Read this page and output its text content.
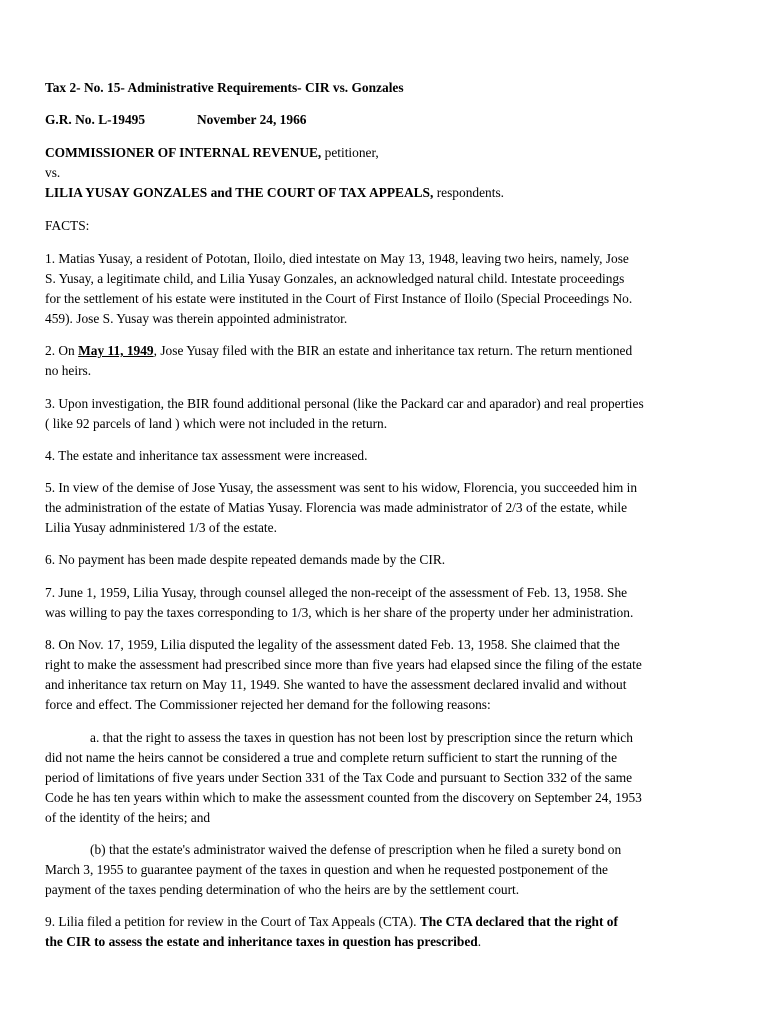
Tax 2- No. 15- Administrative Requirements- CIR vs. Gonzales
G.R. No. L-19495	November 24, 1966
COMMISSIONER OF INTERNAL REVENUE, petitioner,
vs.
LILIA YUSAY GONZALES and THE COURT OF TAX APPEALS, respondents.
FACTS:
1. Matias Yusay, a resident of Pototan, Iloilo, died intestate on May 13, 1948, leaving two heirs, namely, Jose
S. Yusay, a legitimate child, and Lilia Yusay Gonzales, an acknowledged natural child. Intestate proceedings
for the settlement of his estate were instituted in the Court of First Instance of Iloilo (Special Proceedings No.
459). Jose S. Yusay was therein appointed administrator.
2. On May 11, 1949, Jose Yusay filed with the BIR an estate and inheritance tax return. The return mentioned
no heirs.
3. Upon investigation, the BIR found additional personal (like the Packard car and aparador) and real properties
( like 92 parcels of land ) which were not included in the return.
4. The estate and inheritance tax assessment were increased.
5. In view of the demise of Jose Yusay, the assessment was sent to his widow, Florencia, you succeeded him in
the administration of the estate of Matias Yusay. Florencia was made administrator of 2/3 of the estate, while
Lilia Yusay adnministered 1/3 of the estate.
6. No payment has been made despite repeated demands made by the CIR.
7. June 1, 1959, Lilia Yusay, through counsel alleged the non-receipt of the assessment of Feb. 13, 1958. She
was willing to pay the taxes corresponding to 1/3, which is her share of the property under her administration.
8. On Nov. 17, 1959, Lilia disputed the legality of the assessment dated Feb. 13, 1958. She claimed that the
right to make the assessment had prescribed since more than five years had elapsed since the filing of the estate
and inheritance tax return on May 11, 1949. She wanted to have the assessment declared invalid and without
force and effect. The Commissioner rejected her demand for the following reasons:
a. that the right to assess the taxes in question has not been lost by prescription since the return which
did not name the heirs cannot be considered a true and complete return sufficient to start the running of the
period of limitations of five years under Section 331 of the Tax Code and pursuant to Section 332 of the same
Code he has ten years within which to make the assessment counted from the discovery on September 24, 1953
of the identity of the heirs; and
(b) that the estate's administrator waived the defense of prescription when he filed a surety bond on
March 3, 1955 to guarantee payment of the taxes in question and when he requested postponement of the
payment of the taxes pending determination of who the heirs are by the settlement court.
9. Lilia filed a petition for review in the Court of Tax Appeals (CTA). The CTA declared that the right of
the CIR to assess the estate and inheritance taxes in question has prescribed.
